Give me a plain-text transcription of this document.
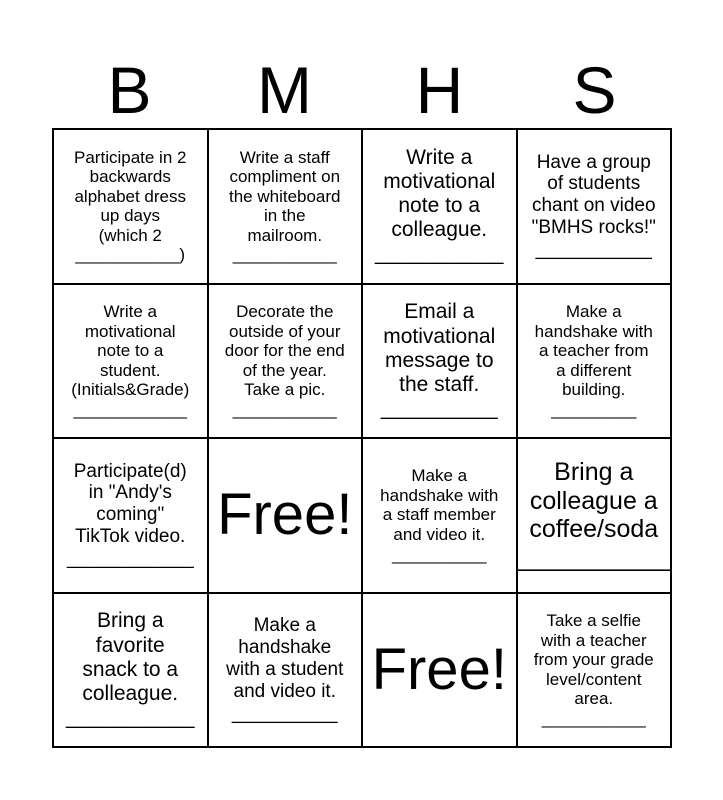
B	M	H	S
Participate in 2
backwards
alphabet dress
up days
(which 2
___________)
Write a staff
compliment on
the whiteboard
in the
mailroom.
___________
Write a
motivational
note to a
colleague.
___________
Have a group
of students
chant on video
"BMHS rocks!"
___________
Write a
motivational
note to a
student.
(Initials&Grade)
____________
Decorate the
outside of your
door for the end
of the year.
Take a pic.
___________
Email a
motivational
message to
the staff.
__________
Make a
handshake with
a teacher from
a different
building.
_________
Participate(d)
in "Andy's
coming"
TikTok video.
____________
Free!
Make a
handshake with
a staff member
and video it.
__________
Bring a
colleague a
coffee/soda
___________
Bring a
favorite
snack to a
colleague.
___________
Make a
handshake
with a student
and video it.
__________
Free!
Take a selfie
with a teacher
from your grade
level/content
area.
___________
